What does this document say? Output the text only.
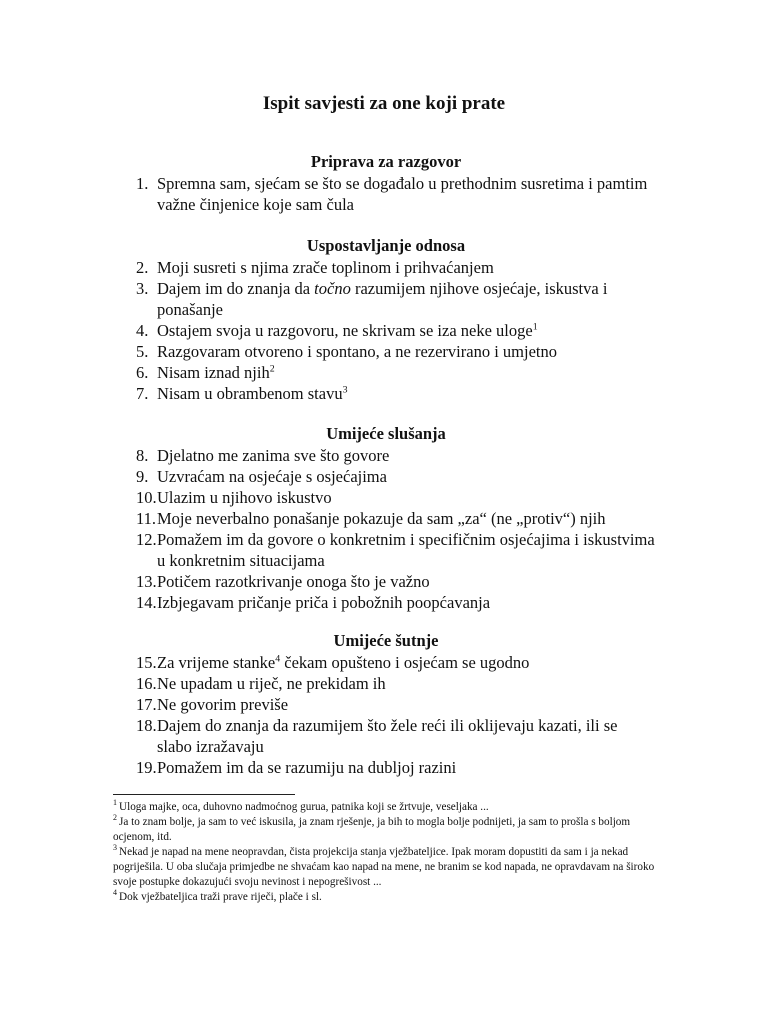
Ispit savjesti za one koji prate
Priprava za razgovor
1. Spremna sam, sjećam se što se događalo u prethodnim susretima i pamtim važne činjenice koje sam čula
Uspostavljanje odnosa
2. Moji susreti s njima zrače toplinom i prihvaćanjem
3. Dajem im do znanja da točno razumijem njihove osjećaje, iskustva i ponašanje
4. Ostajem svoja u razgovoru, ne skrivam se iza neke uloge$^1$
5. Razgovaram otvoreno i spontano, a ne rezervirano i umjetno
6. Nisam iznad njih$^2$
7. Nisam u obrambenom stavu$^3$
Umijeće slušanja
8. Djelatno me zanima sve što govore
9. Uzvraćam na osjećaje s osjećajima
10. Ulazim u njihovo iskustvo
11. Moje neverbalno ponašanje pokazuje da sam „za“ (ne „protiv“) njih
12. Pomažem im da govore o konkretnim i specifičnim osjećajima i iskustvima u konkretnim situacijama
13. Potičem razotkrivanje onoga što je važno
14. Izbjegavam pričanje priča i pobožnih poopćavanja
Umijeće šutnje
15. Za vrijeme stanke$^4$ čekam opušteno i osjećam se ugodno
16. Ne upadam u riječ, ne prekidam ih
17. Ne govorim previše
18. Dajem do znanja da razumijem što žele reći ili oklijevaju kazati, ili se slabo izražavaju
19. Pomažem im da se razumiju na dubljoj razini

$^1$ Uloga majke, oca, duhovno nadmoćnog gurua, patnika koji se žrtvuje, veseljaka ...

$^2$ Ja to znam bolje, ja sam to već iskusila, ja znam rješenje, ja bih to mogla bolje podnijeti, ja sam to prošla s boljom ocjenom, itd.

$^3$ Nekad je napad na mene neopravdan, čista projekcija stanja vježbateljice. Ipak moram dopustiti da sam i ja nekad pogriješila. U oba slučaja primjedbe ne shvaćam kao napad na mene, ne branim se kod napada, ne opravdavam na široko svoje postupke dokazujući svoju nevinost i nepogrešivost ...

$^4$ Dok vježbateljica traži prave riječi, plače i sl.
